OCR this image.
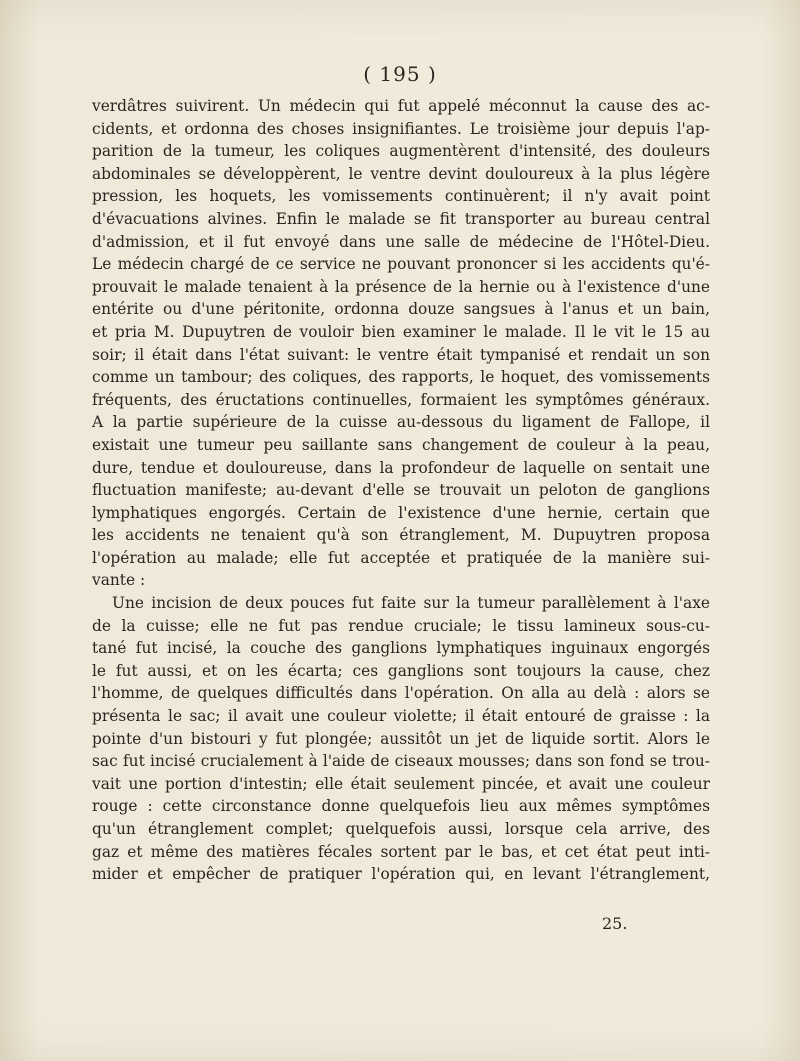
( 195 )
verdâtres suivirent. Un médecin qui fut appelé méconnut la cause des ac-
cidents, et ordonna des choses insignifiantes. Le troisième jour depuis l'ap-
parition de la tumeur, les coliques augmentèrent d'intensité, des douleurs
abdominales se développèrent, le ventre devint douloureux à la plus légère
pression, les hoquets, les vomissements continuèrent; il n'y avait point
d'évacuations alvines. Enfin le malade se fit transporter au bureau central
d'admission, et il fut envoyé dans une salle de médecine de l'Hôtel-Dieu.
Le médecin chargé de ce service ne pouvant prononcer si les accidents qu'é-
prouvait le malade tenaient à la présence de la hernie ou à l'existence d'une
entérite ou d'une péritonite, ordonna douze sangsues à l'anus et un bain,
et pria M. Dupuytren de vouloir bien examiner le malade. Il le vit le 15 au
soir; il était dans l'état suivant: le ventre était tympanisé et rendait un son
comme un tambour; des coliques, des rapports, le hoquet, des vomissements
fréquents, des éructations continuelles, formaient les symptômes généraux.
A la partie supérieure de la cuisse au-dessous du ligament de Fallope, il
existait une tumeur peu saillante sans changement de couleur à la peau,
dure, tendue et douloureuse, dans la profondeur de laquelle on sentait une
fluctuation manifeste; au-devant d'elle se trouvait un peloton de ganglions
lymphatiques engorgés. Certain de l'existence d'une hernie, certain que
les accidents ne tenaient qu'à son étranglement, M. Dupuytren proposa
l'opération au malade; elle fut acceptée et pratiquée de la manière sui-
vante :
Une incision de deux pouces fut faite sur la tumeur parallèlement à l'axe
de la cuisse; elle ne fut pas rendue cruciale; le tissu lamineux sous-cu-
tané fut incisé, la couche des ganglions lymphatiques inguinaux engorgés
le fut aussi, et on les écarta; ces ganglions sont toujours la cause, chez
l'homme, de quelques difficultés dans l'opération. On alla au delà : alors se
présenta le sac; il avait une couleur violette; il était entouré de graisse : la
pointe d'un bistouri y fut plongée; aussitôt un jet de liquide sortit. Alors le
sac fut incisé crucialement à l'aide de ciseaux mousses; dans son fond se trou-
vait une portion d'intestin; elle était seulement pincée, et avait une couleur
rouge : cette circonstance donne quelquefois lieu aux mêmes symptômes
qu'un étranglement complet; quelquefois aussi, lorsque cela arrive, des
gaz et même des matières fécales sortent par le bas, et cet état peut inti-
mider et empêcher de pratiquer l'opération qui, en levant l'étranglement,
25.
